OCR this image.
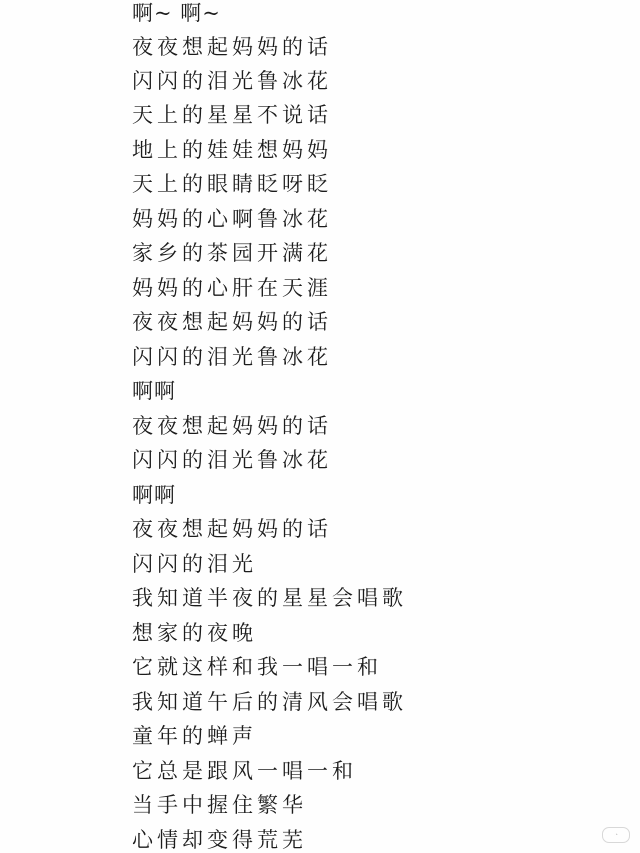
啊~ 啊~
夜夜想起妈妈的话
闪闪的泪光鲁冰花
天上的星星不说话
地上的娃娃想妈妈
天上的眼睛眨呀眨
妈妈的心啊鲁冰花
家乡的茶园开满花
妈妈的心肝在天涯
夜夜想起妈妈的话
闪闪的泪光鲁冰花
啊啊
夜夜想起妈妈的话
闪闪的泪光鲁冰花
啊啊
夜夜想起妈妈的话
闪闪的泪光
我知道半夜的星星会唱歌
想家的夜晚
它就这样和我一唱一和
我知道午后的清风会唱歌
童年的蝉声
它总是跟风一唱一和
当手中握住繁华
心情却变得荒芜	◔
